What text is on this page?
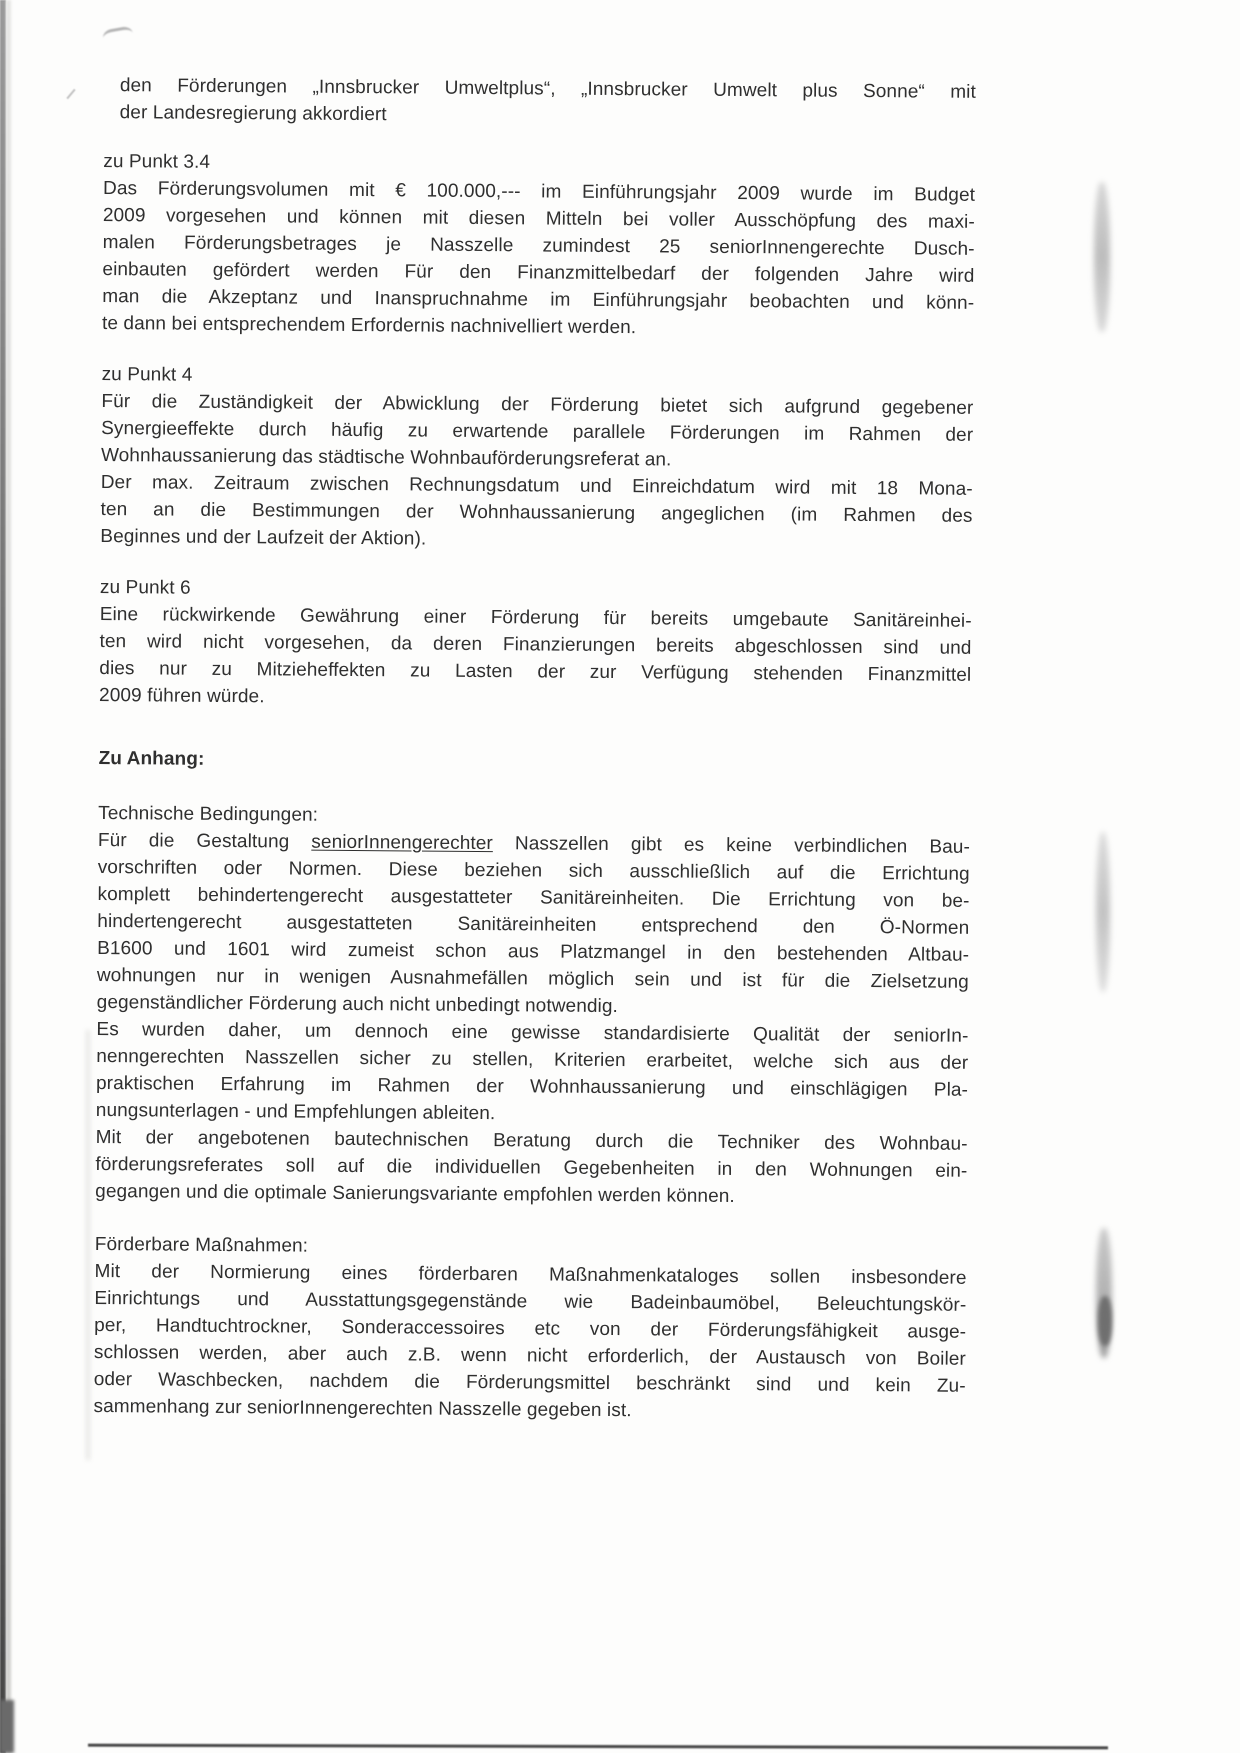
den Förderungen „Innsbrucker Umweltplus“, „Innsbrucker Umwelt plus Sonne“ mit
der Landesregierung akkordiert
zu Punkt 3.4
Das Förderungsvolumen mit € 100.000,--- im Einführungsjahr 2009 wurde im Budget
2009 vorgesehen und können mit diesen Mitteln bei voller Ausschöpfung des maxi-
malen Förderungsbetrages je Nasszelle zumindest 25 seniorInnengerechte Dusch-
einbauten gefördert werden Für den Finanzmittelbedarf der folgenden Jahre wird
man die Akzeptanz und Inanspruchnahme im Einführungsjahr beobachten und könn-
te dann bei entsprechendem Erfordernis nachnivelliert werden.
zu Punkt 4
Für die Zuständigkeit der Abwicklung der Förderung bietet sich aufgrund gegebener
Synergieeffekte durch häufig zu erwartende parallele Förderungen im Rahmen der
Wohnhaussanierung das städtische Wohnbauförderungsreferat an.
Der max. Zeitraum zwischen Rechnungsdatum und Einreichdatum wird mit 18 Mona-
ten an die Bestimmungen der Wohnhaussanierung angeglichen (im Rahmen des
Beginnes und der Laufzeit der Aktion).
zu Punkt 6
Eine rückwirkende Gewährung einer Förderung für bereits umgebaute Sanitäreinhei-
ten wird nicht vorgesehen, da deren Finanzierungen bereits abgeschlossen sind und
dies nur zu Mitzieheffekten zu Lasten der zur Verfügung stehenden Finanzmittel
2009 führen würde.
Zu Anhang:
Technische Bedingungen:
Für die Gestaltung seniorInnengerechter Nasszellen gibt es keine verbindlichen Bau-
vorschriften oder Normen. Diese beziehen sich ausschließlich auf die Errichtung
komplett behindertengerecht ausgestatteter Sanitäreinheiten. Die Errichtung von be-
hindertengerecht ausgestatteten Sanitäreinheiten entsprechend den Ö-Normen
B1600 und 1601 wird zumeist schon aus Platzmangel in den bestehenden Altbau-
wohnungen nur in wenigen Ausnahmefällen möglich sein und ist für die Zielsetzung
gegenständlicher Förderung auch nicht unbedingt notwendig.
Es wurden daher, um dennoch eine gewisse standardisierte Qualität der seniorIn-
nenngerechten Nasszellen sicher zu stellen, Kriterien erarbeitet, welche sich aus der
praktischen Erfahrung im Rahmen der Wohnhaussanierung und einschlägigen Pla-
nungsunterlagen - und Empfehlungen ableiten.
Mit der angebotenen bautechnischen Beratung durch die Techniker des Wohnbau-
förderungsreferates soll auf die individuellen Gegebenheiten in den Wohnungen ein-
gegangen und die optimale Sanierungsvariante empfohlen werden können.
Förderbare Maßnahmen:
Mit der Normierung eines förderbaren Maßnahmenkataloges sollen insbesondere
Einrichtungs und Ausstattungsgegenstände wie Badeinbaumöbel, Beleuchtungskör-
per, Handtuchtrockner, Sonderaccessoires etc von der Förderungsfähigkeit ausge-
schlossen werden, aber auch z.B. wenn nicht erforderlich, der Austausch von Boiler
oder Waschbecken, nachdem die Förderungsmittel beschränkt sind und kein Zu-
sammenhang zur seniorInnengerechten Nasszelle gegeben ist.
